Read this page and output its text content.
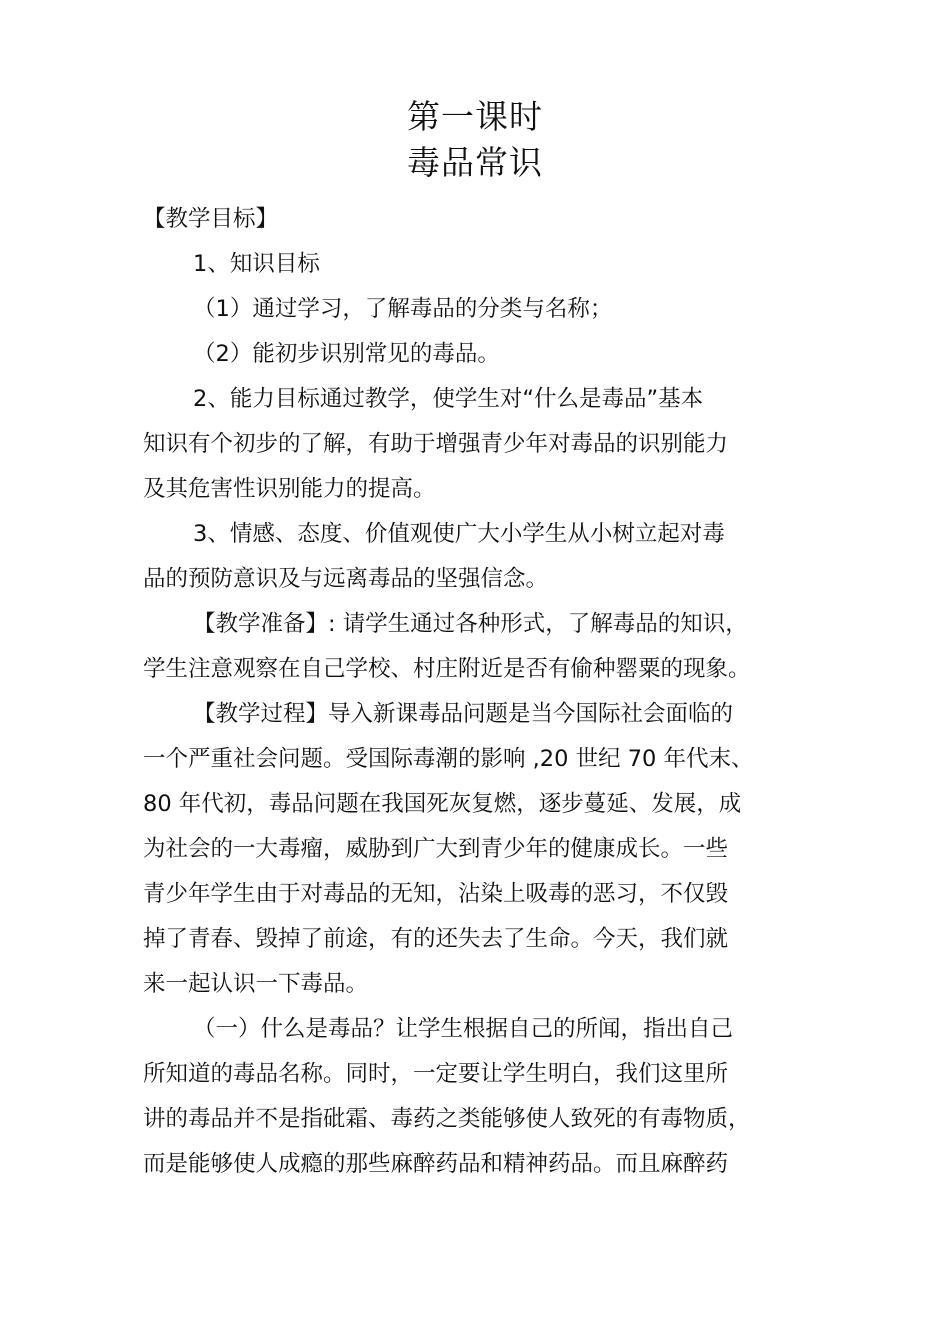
第一课时
毒品常识
【教学目标】
1、知识目标
（1）通过学习，了解毒品的分类与名称；
（2）能初步识别常见的毒品。
2、能力目标通过教学，使学生对“什么是毒品”基本
知识有个初步的了解，有助于增强青少年对毒品的识别能力
及其危害性识别能力的提高。
3、情感、态度、价值观使广大小学生从小树立起对毒
品的预防意识及与远离毒品的坚强信念。
【教学准备】: 请学生通过各种形式，了解毒品的知识，
学生注意观察在自己学校、村庄附近是否有偷种罂粟的现象。
【教学过程】导入新课毒品问题是当今国际社会面临的
一个严重社会问题。受国际毒潮的影响 ,20 世纪 70 年代末、
80 年代初，毒品问题在我国死灰复燃，逐步蔓延、发展，成
为社会的一大毒瘤，威胁到广大到青少年的健康成长。一些
青少年学生由于对毒品的无知，沾染上吸毒的恶习，不仅毁
掉了青春、毁掉了前途，有的还失去了生命。今天，我们就
来一起认识一下毒品。
（一）什么是毒品？让学生根据自己的所闻，指出自己
所知道的毒品名称。同时，一定要让学生明白，我们这里所
讲的毒品并不是指砒霜、毒药之类能够使人致死的有毒物质，
而是能够使人成瘾的那些麻醉药品和精神药品。而且麻醉药
